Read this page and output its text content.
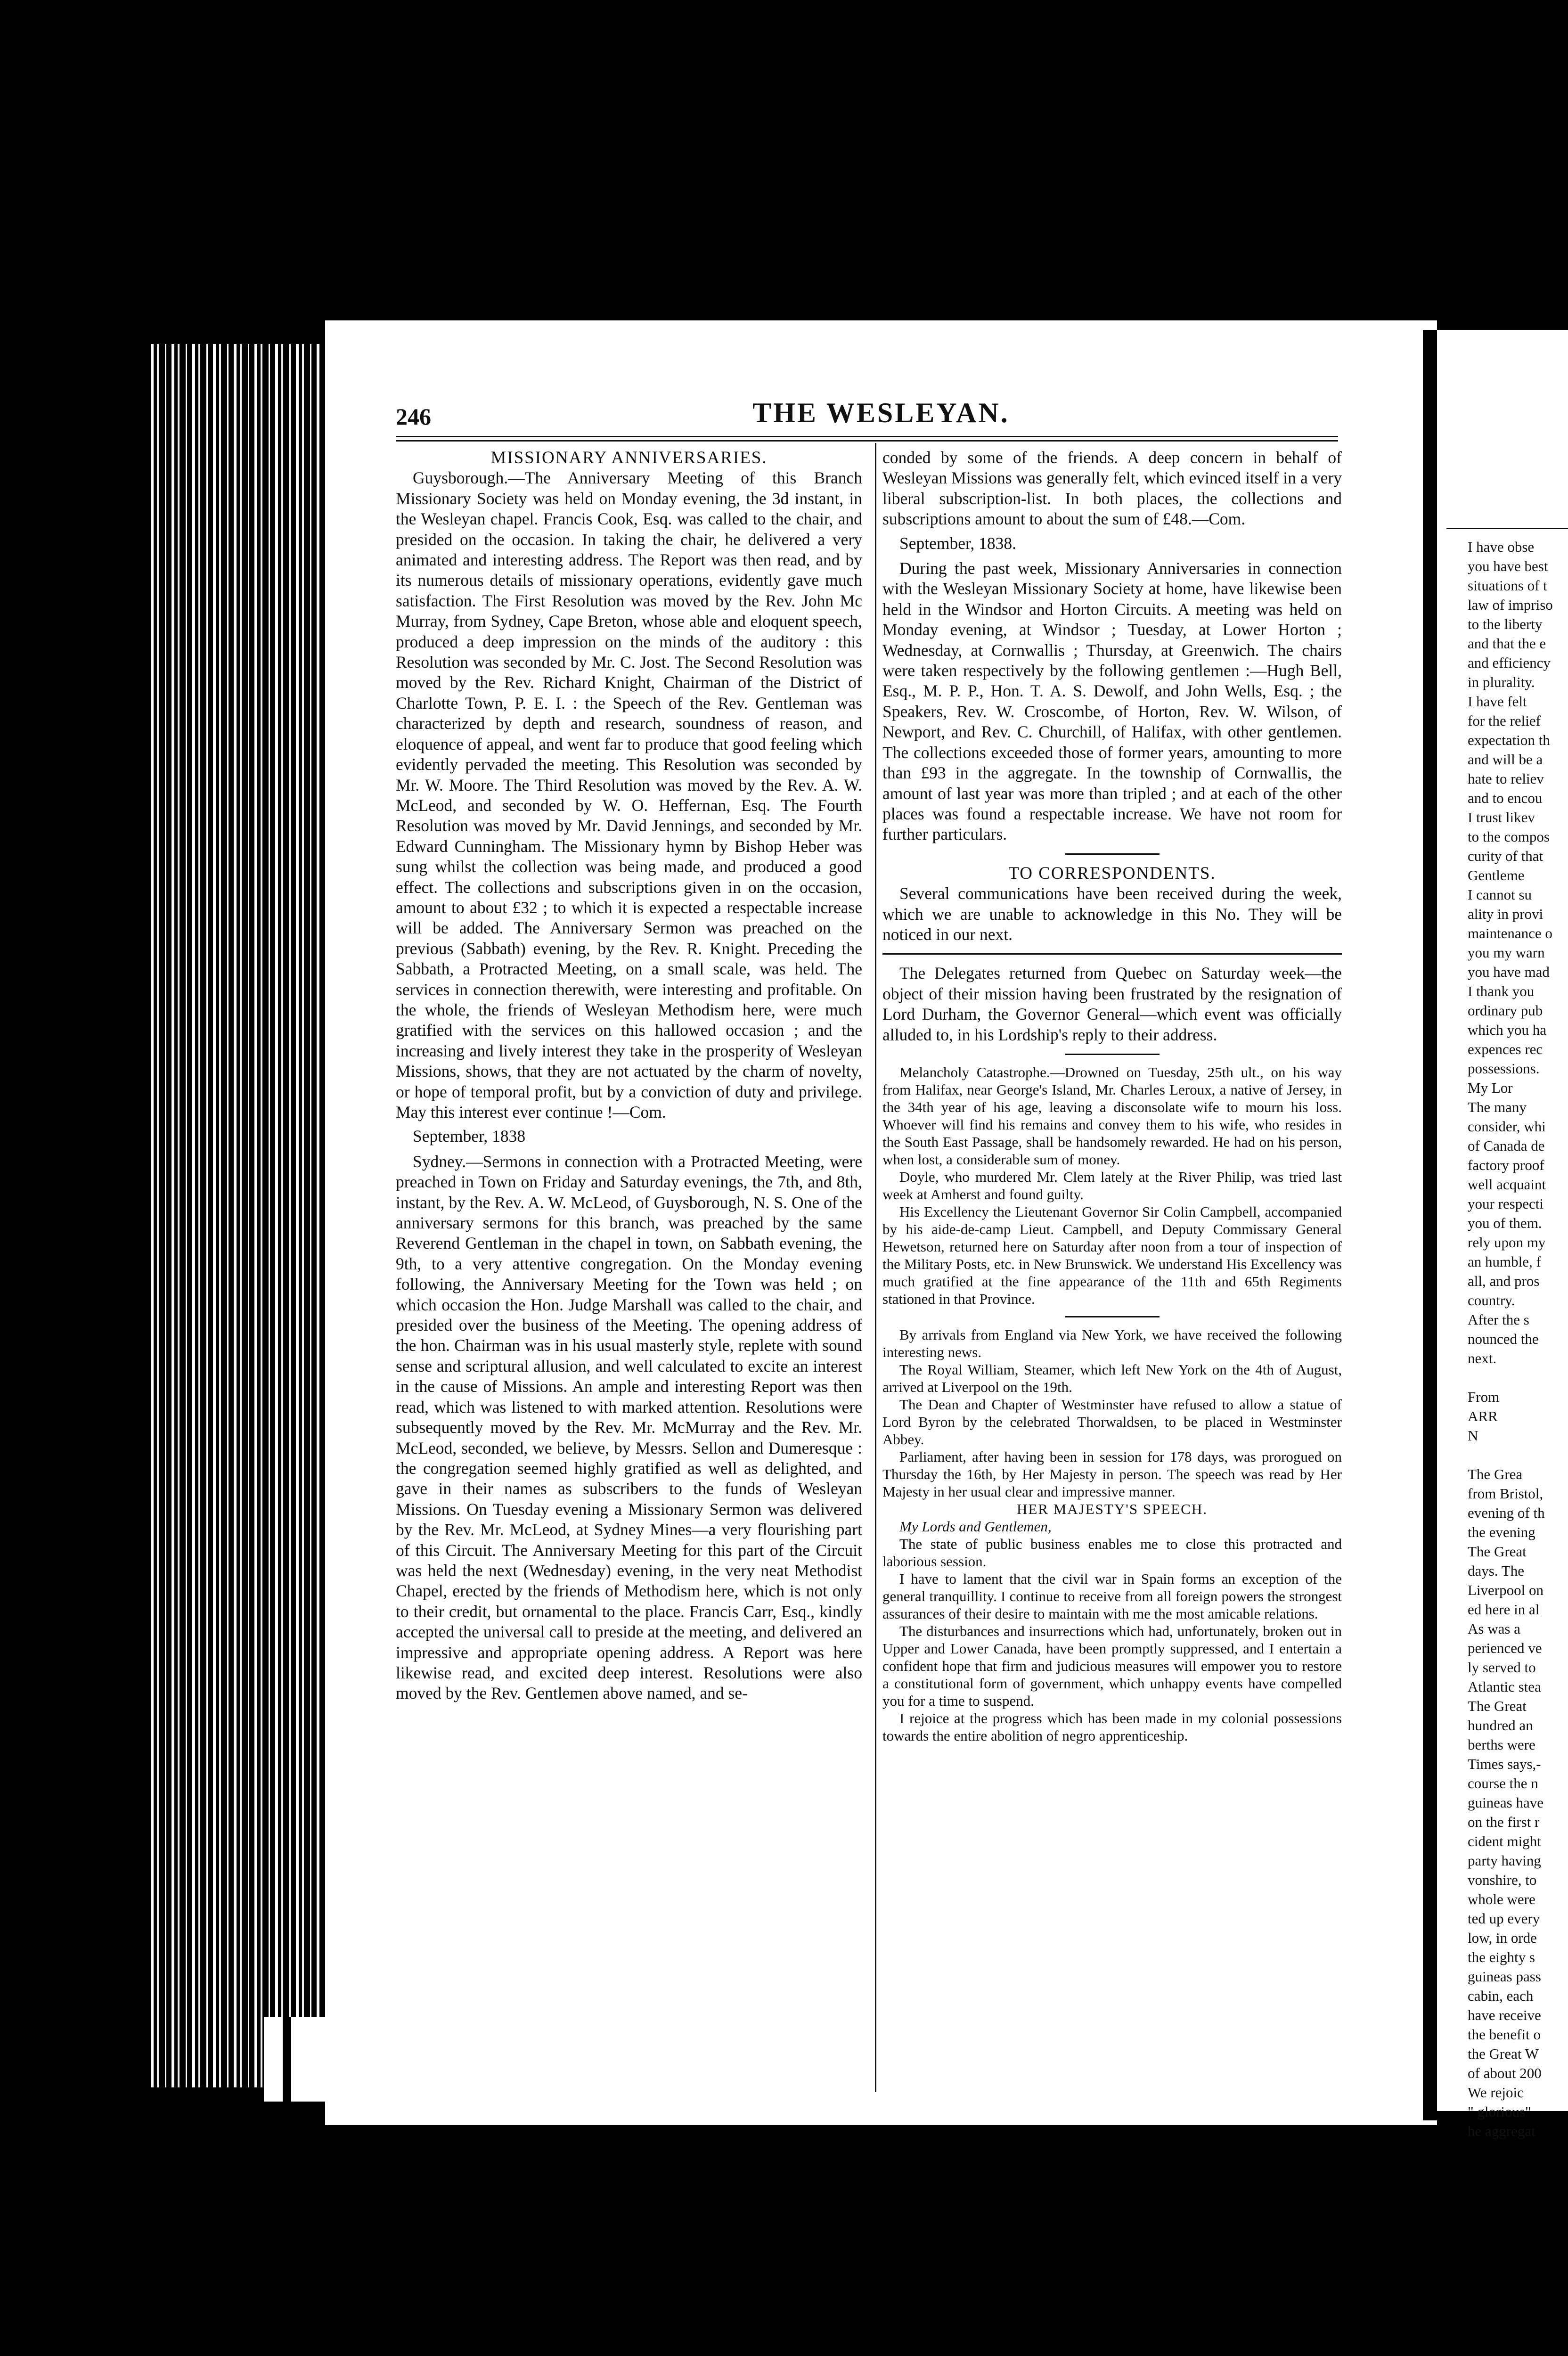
246	THE WESLEYAN.

MISSIONARY ANNIVERSARIES.

Guysborough.—The Anniversary Meeting of this Branch Missionary Society was held on Monday evening, the 3d instant, in the Wesleyan chapel. Francis Cook, Esq. was called to the chair, and presided on the occasion. In taking the chair, he delivered a very animated and interesting address. The Report was then read, and by its numerous details of missionary operations, evidently gave much satisfaction. The First Resolution was moved by the Rev. John Mc Murray, from Sydney, Cape Breton, whose able and eloquent speech, produced a deep impression on the minds of the auditory : this Resolution was seconded by Mr. C. Jost. The Second Resolution was moved by the Rev. Richard Knight, Chairman of the District of Charlotte Town, P. E. I. : the Speech of the Rev. Gentleman was characterized by depth and research, soundness of reason, and eloquence of appeal, and went far to produce that good feeling which evidently pervaded the meeting. This Resolution was seconded by Mr. W. Moore. The Third Resolution was moved by the Rev. A. W. McLeod, and seconded by W. O. Heffernan, Esq. The Fourth Resolution was moved by Mr. David Jennings, and seconded by Mr. Edward Cunningham. The Missionary hymn by Bishop Heber was sung whilst the collection was being made, and produced a good effect. The collections and subscriptions given in on the occasion, amount to about £32 ; to which it is expected a respectable increase will be added. The Anniversary Sermon was preached on the previous (Sabbath) evening, by the Rev. R. Knight. Preceding the Sabbath, a Protracted Meeting, on a small scale, was held. The services in connection therewith, were interesting and profitable. On the whole, the friends of Wesleyan Methodism here, were much gratified with the services on this hallowed occasion ; and the increasing and lively interest they take in the prosperity of Wesleyan Missions, shows, that they are not actuated by the charm of novelty, or hope of temporal profit, but by a conviction of duty and privilege. May this interest ever continue !—Com.

September, 1838

Sydney.—Sermons in connection with a Protracted Meeting, were preached in Town on Friday and Saturday evenings, the 7th, and 8th, instant, by the Rev. A. W. McLeod, of Guysborough, N. S. One of the anniversary sermons for this branch, was preached by the same Reverend Gentleman in the chapel in town, on Sabbath evening, the 9th, to a very attentive congregation. On the Monday evening following, the Anniversary Meeting for the Town was held ; on which occasion the Hon. Judge Marshall was called to the chair, and presided over the business of the Meeting. The opening address of the hon. Chairman was in his usual masterly style, replete with sound sense and scriptural allusion, and well calculated to excite an interest in the cause of Missions. An ample and interesting Report was then read, which was listened to with marked attention. Resolutions were subsequently moved by the Rev. Mr. McMurray and the Rev. Mr. McLeod, seconded, we believe, by Messrs. Sellon and Dumeresque : the congregation seemed highly gratified as well as delighted, and gave in their names as subscribers to the funds of Wesleyan Missions. On Tuesday evening a Missionary Sermon was delivered by the Rev. Mr. McLeod, at Sydney Mines—a very flourishing part of this Circuit. The Anniversary Meeting for this part of the Circuit was held the next (Wednesday) evening, in the very neat Methodist Chapel, erected by the friends of Methodism here, which is not only to their credit, but ornamental to the place. Francis Carr, Esq., kindly accepted the universal call to preside at the meeting, and delivered an impressive and appropriate opening address. A Report was here likewise read, and excited deep interest. Resolutions were also moved by the Rev. Gentlemen above named, and se-

conded by some of the friends. A deep concern in behalf of Wesleyan Missions was generally felt, which evinced itself in a very liberal subscription-list. In both places, the collections and subscriptions amount to about the sum of £48.—Com.

September, 1838.

During the past week, Missionary Anniversaries in connection with the Wesleyan Missionary Society at home, have likewise been held in the Windsor and Horton Circuits. A meeting was held on Monday evening, at Windsor ; Tuesday, at Lower Horton ; Wednesday, at Cornwallis ; Thursday, at Greenwich. The chairs were taken respectively by the following gentlemen :—Hugh Bell, Esq., M. P. P., Hon. T. A. S. Dewolf, and John Wells, Esq. ; the Speakers, Rev. W. Croscombe, of Horton, Rev. W. Wilson, of Newport, and Rev. C. Churchill, of Halifax, with other gentlemen. The collections exceeded those of former years, amounting to more than £93 in the aggregate. In the township of Cornwallis, the amount of last year was more than tripled ; and at each of the other places was found a respectable increase. We have not room for further particulars.

TO CORRESPONDENTS.

Several communications have been received during the week, which we are unable to acknowledge in this No. They will be noticed in our next.

The Delegates returned from Quebec on Saturday week—the object of their mission having been frustrated by the resignation of Lord Durham, the Governor General—which event was officially alluded to, in his Lordship's reply to their address.

Melancholy Catastrophe.—Drowned on Tuesday, 25th ult., on his way from Halifax, near George's Island, Mr. Charles Leroux, a native of Jersey, in the 34th year of his age, leaving a disconsolate wife to mourn his loss. Whoever will find his remains and convey them to his wife, who resides in the South East Passage, shall be handsomely rewarded. He had on his person, when lost, a considerable sum of money.

Doyle, who murdered Mr. Clem lately at the River Philip, was tried last week at Amherst and found guilty.

His Excellency the Lieutenant Governor Sir Colin Campbell, accompanied by his aide-de-camp Lieut. Campbell, and Deputy Commissary General Hewetson, returned here on Saturday after noon from a tour of inspection of the Military Posts, etc. in New Brunswick. We understand His Excellency was much gratified at the fine appearance of the 11th and 65th Regiments stationed in that Province.

By arrivals from England via New York, we have received the following interesting news.

The Royal William, Steamer, which left New York on the 4th of August, arrived at Liverpool on the 19th.

The Dean and Chapter of Westminster have refused to allow a statue of Lord Byron by the celebrated Thorwaldsen, to be placed in Westminster Abbey.

Parliament, after having been in session for 178 days, was prorogued on Thursday the 16th, by Her Majesty in person. The speech was read by Her Majesty in her usual clear and impressive manner.

HER MAJESTY'S SPEECH.

My Lords and Gentlemen,

The state of public business enables me to close this protracted and laborious session.

I have to lament that the civil war in Spain forms an exception of the general tranquillity. I continue to receive from all foreign powers the strongest assurances of their desire to maintain with me the most amicable relations.

The disturbances and insurrections which had, unfortunately, broken out in Upper and Lower Canada, have been promptly suppressed, and I entertain a confident hope that firm and judicious measures will empower you to restore a constitutional form of government, which unhappy events have compelled you for a time to suspend.

I rejoice at the progress which has been made in my colonial possessions towards the entire abolition of negro apprenticeship.

I have obse

you have best

situations of t

law of impriso

to the liberty

and that the e

and efficiency

in plurality.

I have felt

for the relief

expectation th

and will be a

hate to reliev

and to encou

I trust likev

to the compos

curity of that

Gentleme

I cannot su

ality in provi

maintenance o

you my warn

you have mad

I thank you

ordinary pub

which you ha

expences rec

possessions.

My Lor

The many

consider, whi

of Canada de

factory proof

well acquaint

your respecti

you of them.

rely upon my

an humble, f

all, and pros

country.

After the s

nounced the

next.

From

ARR

N

The Grea

from Bristol,

evening of th

the evening

The Great

days. The

Liverpool on

ed here in al

As was a

perienced ve

ly served to

Atlantic stea

The Great

hundred an

berths were

Times says,-

course the n

guineas have

on the first r

cident might

party having

vonshire, to

whole were

ted up every

low, in orde

the eighty s

guineas pass

cabin, each

have receive

the benefit o

the Great W

of about 200

We rejoic

" glorious"

he aggregat
